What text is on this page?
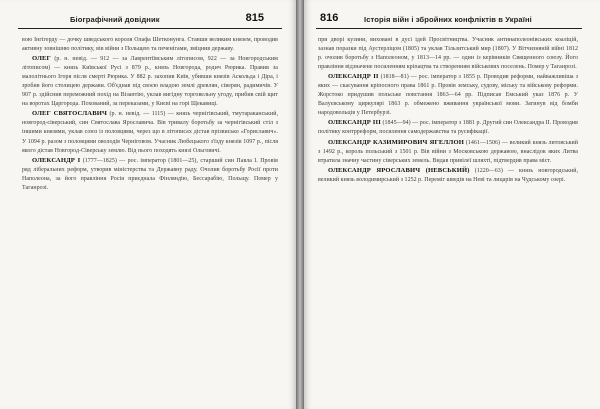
Біографічний довідник	815

вою Інгігерду — дочку шведського короля Олафа Шетконунга. Ставши великим князем, проводив активну зовнішню політику, вів війни з Польщею та печенігами, зміцнив державу.

ОЛЕГ (р. н. невід. — 912 — за Лаврентіївським літописом, 922 — за Новгородським літописом) — князь Київської Русі з 879 р., князь Новгорода, родич Рюрика. Правив за малолітнього Ігоря після смерті Рюрика. У 882 р. захопив Київ, убивши князів Аскольда і Діра, і зробив його столицею держави. Об'єднав під своєю владою землі древлян, сіверян, радимичів. У 907 р. здійснив переможний похід на Візантію, уклав вигідну торговельну угоду, прибив свій щит на воротах Царгорода. Похований, за переказами, у Києві на горі Щекавиці.

ОЛЕГ СВЯТОСЛАВИЧ (р. н. невід. — 1115) — князь чернігівський, тмутараканський, новгород-сіверський, син Святослава Ярославича. Вів тривалу боротьбу за чернігівський стіл з іншими князями, уклав союз із половцями, через що в літописах дістав прізвисько «Гориславич». У 1094 р. разом з половцями оволодів Черніговом. Учасник Любецького з'їзду князів 1097 р., після якого дістав Новгород-Сіверську землю. Від нього походять князі Ольговичі.

ОЛЕКСАНДР I (1777—1825) — рос. імператор (1801—25), старший син Павла I. Провів ряд ліберальних реформ, утворив міністерства та Державну раду. Очолив боротьбу Росії проти Наполеона, за його правління Росія приєднала Фінляндію, Бессарабію, Польщу. Помер у Таганрозі.

816	Історія війн і збройних конфліктів в Україні

при дворі кузини, виховані в дусі ідей Просвітництва. Учасник антинаполеонівських коаліцій, зазнав поразки під Аустерліцом (1805) та уклав Тільзитський мир (1807). У Вітчизняній війні 1812 р. очолив боротьбу з Наполеоном, у 1813—14 рр. — один із керівників Священного союзу. Його правління відзначене посиленням кріпацтва та створенням військових поселень. Помер у Таганрозі.

ОЛЕКСАНДР II (1818—81) — рос. імператор з 1855 р. Проводив реформи, найважливіша з яких — скасування кріпосного права 1861 р. Провів земську, судову, міську та військову реформи. Жорстоко придушив польське повстання 1863—64 рр. Підписав Емський указ 1876 р. У Валуєвському циркулярі 1863 р. обмежено вживання української мови. Загинув від бомби народовольців у Петербурзі.

ОЛЕКСАНДР III (1845—94) — рос. імператор з 1881 р. Другий син Олександра II. Проводив політику контрреформ, посилення самодержавства та русифікації.

ОЛЕКСАНДР КАЗИМИРОВИЧ ЯГЕЛЛОН (1461—1506) — великий князь литовський з 1492 р., король польський з 1501 р. Вів війни з Московською державою, внаслідок яких Литва втратила значну частину сіверських земель. Видав привілеї шляхті, підтвердив права міст.

ОЛЕКСАНДР ЯРОСЛАВИЧ (НЕВСЬКИЙ) (1220—63) — князь новгородський, великий князь володимирський з 1252 р. Переміг шведів на Неві та лицарів на Чудському озері.
